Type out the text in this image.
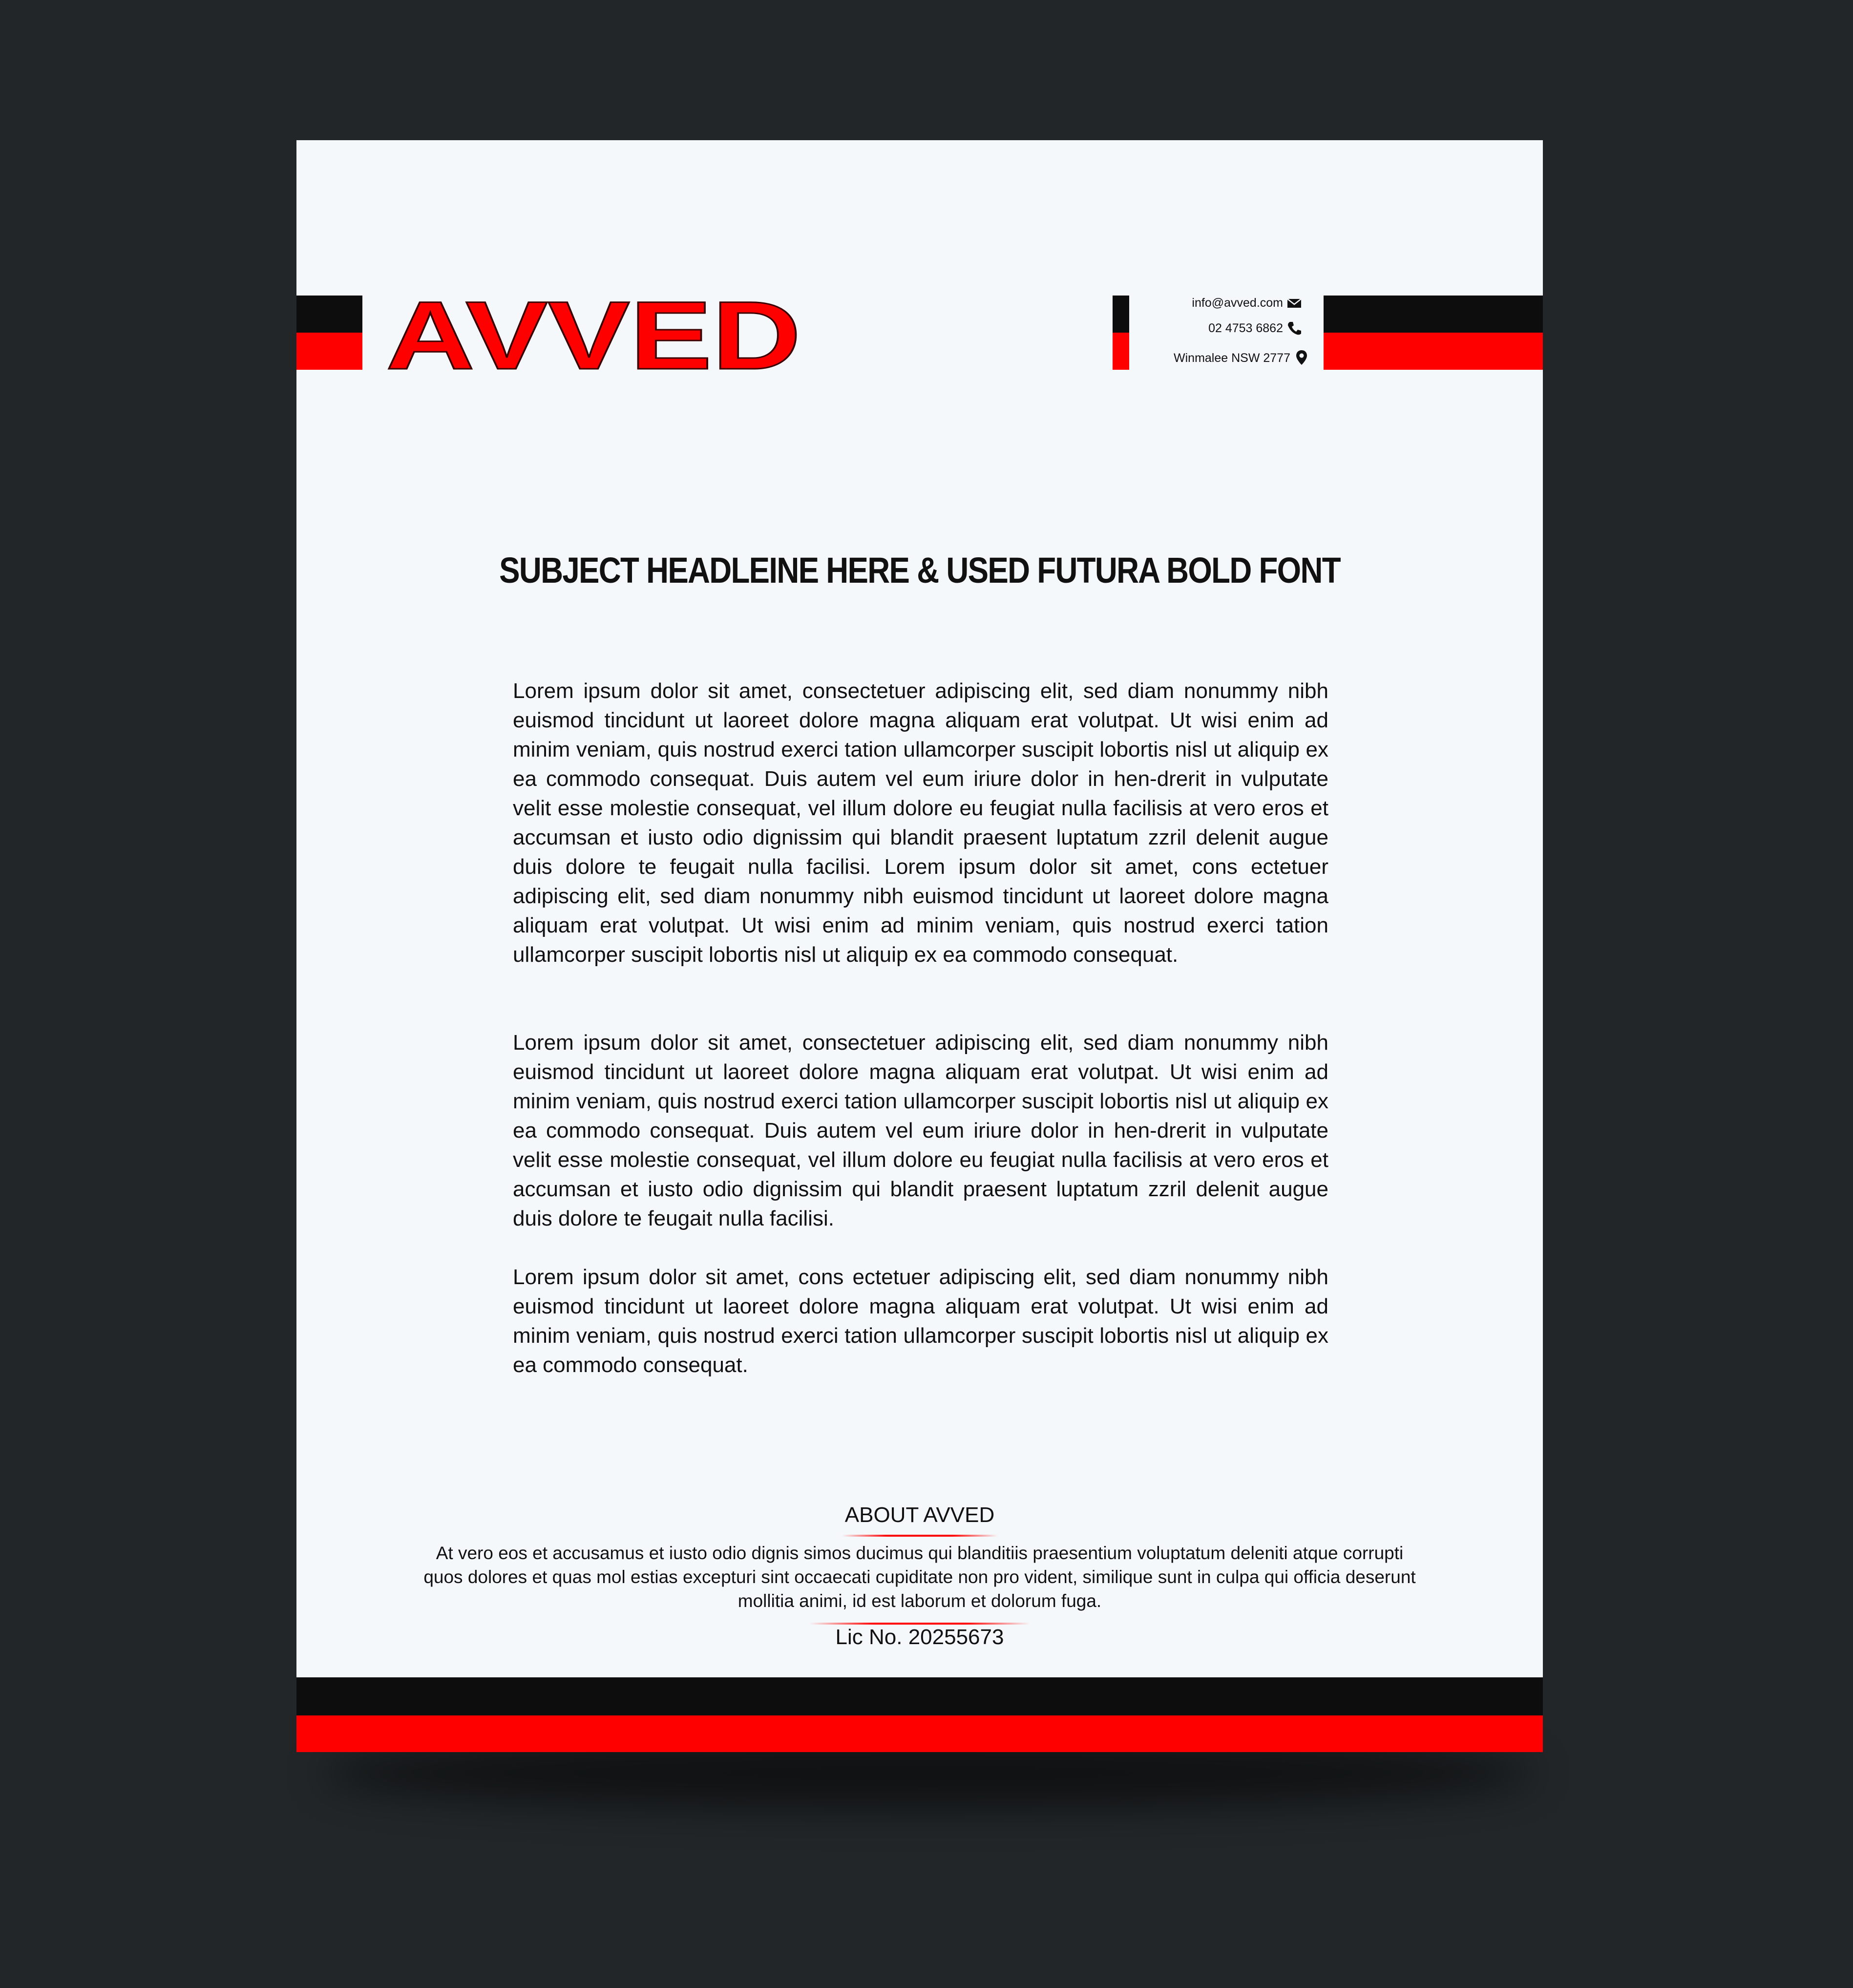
AVVED	info@avved.com
02 4753 6862
Winmalee NSW 2777
SUBJECT HEADLEINE HERE & USED FUTURA BOLD FONT

Lorem ipsum dolor sit amet, consectetuer adipiscing elit, sed diam nonummy nibh euismod tincidunt ut laoreet dolore magna aliquam erat volutpat. Ut wisi enim ad minim veniam, quis nostrud exerci tation ullamcorper suscipit lobortis nisl ut aliquip ex ea commodo consequat. Duis autem vel eum iriure dolor in hen-drerit in vulputate velit esse molestie consequat, vel illum dolore eu feugiat nulla facilisis at vero eros et accumsan et iusto odio dignissim qui blandit praesent luptatum zzril delenit augue duis dolore te feugait nulla facilisi. Lorem ipsum dolor sit amet, cons ectetuer adipiscing elit, sed diam nonummy nibh euismod tincidunt ut laoreet dolore magna aliquam erat volutpat. Ut wisi enim ad minim veniam, quis nostrud exerci tation ullamcorper suscipit lobortis nisl ut aliquip ex ea commodo consequat.

Lorem ipsum dolor sit amet, consectetuer adipiscing elit, sed diam nonummy nibh euismod tincidunt ut laoreet dolore magna aliquam erat volutpat. Ut wisi enim ad minim veniam, quis nostrud exerci tation ullamcorper suscipit lobortis nisl ut aliquip ex ea commodo consequat. Duis autem vel eum iriure dolor in hen-drerit in vulputate velit esse molestie consequat, vel illum dolore eu feugiat nulla facilisis at vero eros et accumsan et iusto odio dignissim qui blandit praesent luptatum zzril delenit augue duis dolore te feugait nulla facilisi.

Lorem ipsum dolor sit amet, cons ectetuer adipiscing elit, sed diam nonummy nibh euismod tincidunt ut laoreet dolore magna aliquam erat volutpat. Ut wisi enim ad minim veniam, quis nostrud exerci tation ullamcorper suscipit lobortis nisl ut aliquip ex ea commodo consequat.

ABOUT AVVED

At vero eos et accusamus et iusto odio dignis simos ducimus qui blanditiis praesentium voluptatum deleniti atque corrupti quos dolores et quas mol estias excepturi sint occaecati cupiditate non pro vident, similique sunt in culpa qui officia deserunt mollitia animi, id est laborum et dolorum fuga.

Lic No. 20255673
